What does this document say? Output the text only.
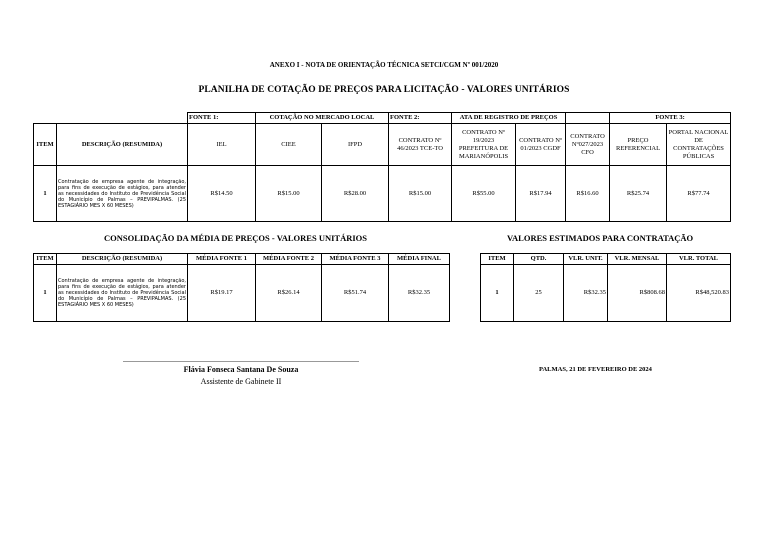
ANEXO I - NOTA DE ORIENTAÇÃO TÉCNICA SETCI/CGM Nº 001/2020
PLANILHA DE COTAÇÃO DE PREÇOS PARA LICITAÇÃO - VALORES UNITÁRIOS
		FONTE 1:	COTAÇÃO NO MERCADO LOCAL		FONTE 2:	ATA DE REGISTRO DE PREÇOS			FONTE 3:	
ITEM	DESCRIÇÃO (RESUMIDA)	IEL	CIEE	IFPD	CONTRATO Nº 46/2023 TCE-TO	CONTRATO Nº 19/2023 PREFEITURA DE MARIANÓPOLIS	CONTRATO Nº 01/2023 CGDF	CONTRATO Nº027/2023 CFO	PREÇO REFERENCIAL	PORTAL NACIONAL DE CONTRATAÇÕES PÚBLICAS
1	Contratação de empresa agente de integração, para fins de execução de estágios, para atender as necessidades do Instituto de Previdência Social do Município de Palmas – PREVIPALMAS. (25 ESTAGIÁRIO MES X 60 MESES)	R$14.50	R$15.00	R$28.00	R$15.00	R$55.00	R$17.94	R$16.60	R$25.74	R$77.74
CONSOLIDAÇÃO DA MÉDIA DE PREÇOS - VALORES UNITÁRIOS	VALORES ESTIMADOS PARA CONTRATAÇÃO
ITEM	DESCRIÇÃO (RESUMIDA)	MÉDIA FONTE 1	MÉDIA FONTE 2	MÉDIA FONTE 3	MÉDIA FINAL
1	Contratação de empresa agente de integração, para fins de execução de estágios, para atender as necessidades do Instituto de Previdência Social do Município de Palmas – PREVIPALMAS. (25 ESTAGIÁRIO MES X 60 MESES)	R$19.17	R$26.14	R$51.74	R$32.35
ITEM	QTD.	VLR. UNIT.	VLR. MENSAL	VLR. TOTAL
1	25	R$32.35	R$808.68	R$48,520.83
Flávia Fonseca Santana De Souza
Assistente de Gabinete II
PALMAS, 21 DE FEVEREIRO DE 2024
